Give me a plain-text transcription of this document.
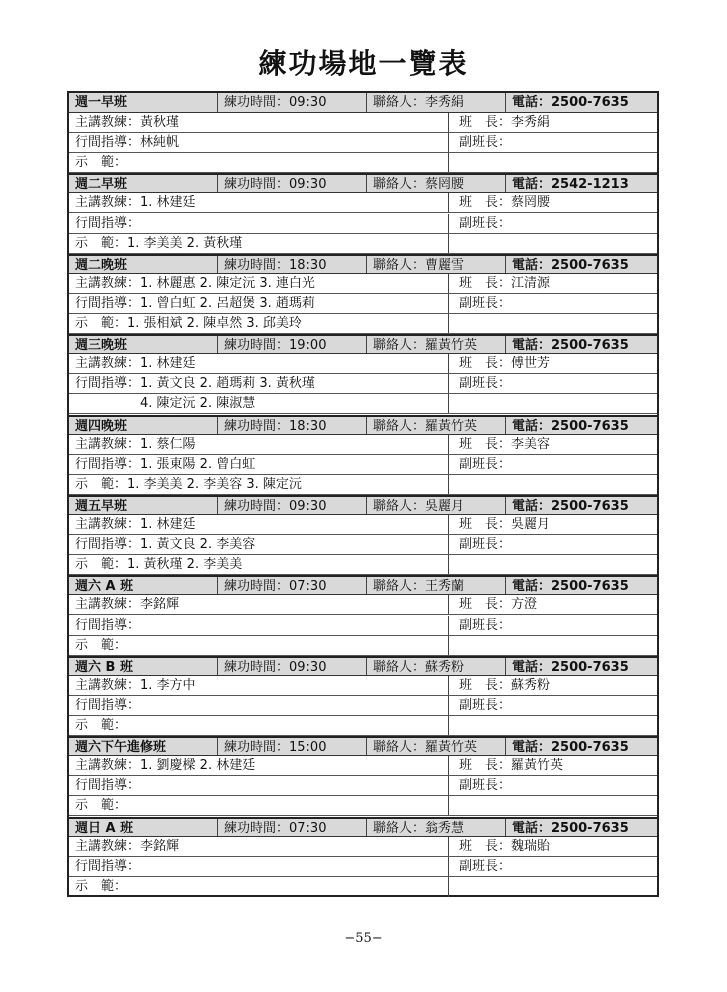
練功場地一覽表
週一早班	練功時間：09:30	聯絡人：李秀絹	電話：2500-7635
主講教練：黃秋瑾	班　長：李秀絹
行間指導：林純帆	副班長：
示　範：
週二早班	練功時間：09:30	聯絡人：蔡罔腰	電話：2542-1213
主講教練：1. 林建廷	班　長：蔡罔腰
行間指導：	副班長：
示　範：1. 李美美 2. 黃秋瑾
週二晚班	練功時間：18:30	聯絡人：曹麗雪	電話：2500-7635
主講教練：1. 林麗惠 2. 陳定沅 3. 連白光	班　長：江清源
行間指導：1. 曾白虹 2. 呂超煲 3. 趙瑪莉	副班長：
示　範：1. 張相斌 2. 陳卓然 3. 邱美玲
週三晚班	練功時間：19:00	聯絡人：羅黃竹英	電話：2500-7635
主講教練：1. 林建廷	班　長：傅世芳
行間指導：1. 黃文良 2. 趙瑪莉 3. 黃秋瑾	副班長：
　　　　　4. 陳定沅 2. 陳淑慧
週四晚班	練功時間：18:30	聯絡人：羅黃竹英	電話：2500-7635
主講教練：1. 蔡仁陽	班　長：李美容
行間指導：1. 張東陽 2. 曾白虹	副班長：
示　範：1. 李美美 2. 李美容 3. 陳定沅
週五早班	練功時間：09:30	聯絡人：吳麗月	電話：2500-7635
主講教練：1. 林建廷	班　長：吳麗月
行間指導：1. 黃文良 2. 李美容	副班長：
示　範：1. 黃秋瑾 2. 李美美
週六 A 班	練功時間：07:30	聯絡人：王秀蘭	電話：2500-7635
主講教練：李銘輝	班　長：方澄
行間指導：	副班長：
示　範：
週六 B 班	練功時間：09:30	聯絡人：蘇秀粉	電話：2500-7635
主講教練：1. 李方中	班　長：蘇秀粉
行間指導：	副班長：
示　範：
週六下午進修班	練功時間：15:00	聯絡人：羅黃竹英	電話：2500-7635
主講教練：1. 劉慶樑 2. 林建廷	班　長：羅黃竹英
行間指導：	副班長：
示　範：
週日 A 班	練功時間：07:30	聯絡人：翁秀慧	電話：2500-7635
主講教練：李銘輝	班　長：魏瑞貽
行間指導：	副班長：
示　範：
−55−
